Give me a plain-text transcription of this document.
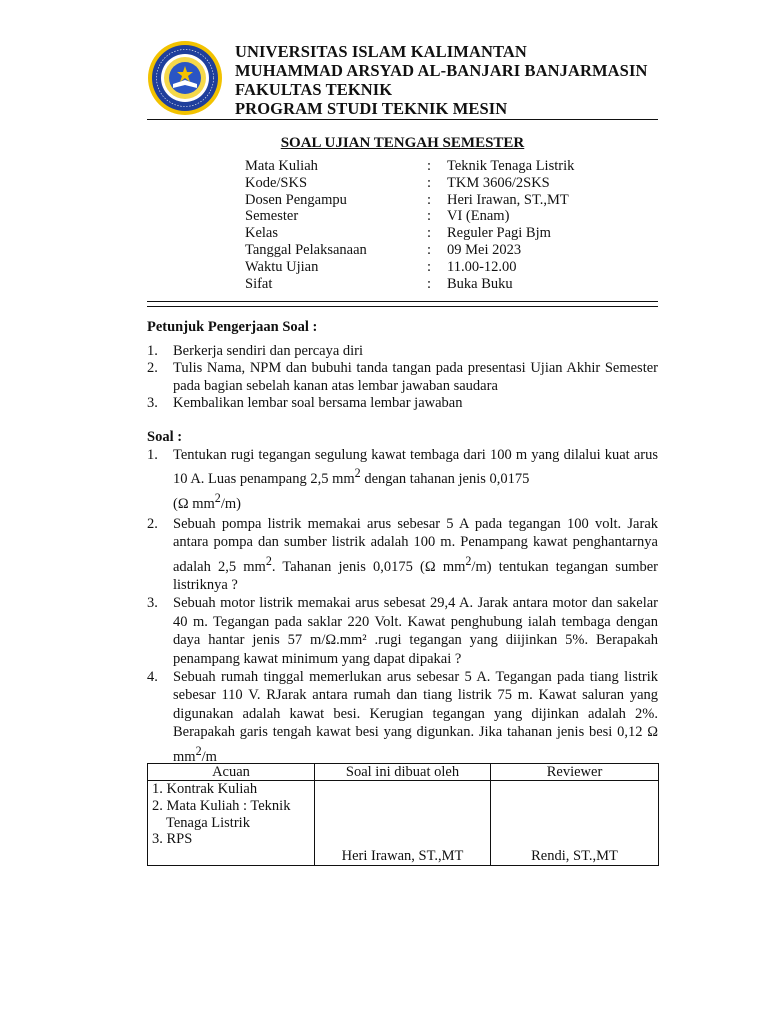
UNIVERSITAS ISLAM KALIMANTAN
MUHAMMAD ARSYAD AL-BANJARI BANJARMASIN
FAKULTAS TEKNIK
PROGRAM STUDI TEKNIK MESIN
SOAL UJIAN TENGAH SEMESTER
Mata Kuliah	:	Teknik Tenaga Listrik
Kode/SKS	:	TKM 3606/2SKS
Dosen Pengampu	:	Heri Irawan, ST.,MT
Semester	:	VI (Enam)
Kelas	:	Reguler Pagi Bjm
Tanggal Pelaksanaan	:	09 Mei 2023
Waktu Ujian	:	11.00-12.00
Sifat	:	Buka Buku
Petunjuk Pengerjaan Soal :
1.	Berkerja sendiri dan percaya diri
2.	Tulis Nama, NPM dan bubuhi tanda tangan pada presentasi Ujian Akhir Semester pada bagian sebelah kanan atas lembar jawaban saudara
3.	Kembalikan lembar soal bersama lembar jawaban
Soal :
1.	Tentukan rugi tegangan segulung kawat tembaga dari 100 m yang dilalui kuat arus 10 A. Luas penampang 2,5 $mm^2$ dengan tahanan jenis 0,0175
(Ω $mm^2/m$)
2.	Sebuah pompa listrik memakai arus sebesar 5 A pada tegangan 100 volt. Jarak antara pompa dan sumber listrik adalah 100 m. Penampang kawat penghantarnya adalah 2,5 $mm^2$. Tahanan jenis 0,0175 (Ω $mm^2/m$) tentukan tegangan sumber listriknya ?
3.	Sebuah motor listrik memakai arus sebesat 29,4 A. Jarak antara motor dan sakelar 40 m. Tegangan pada saklar 220 Volt. Kawat penghubung ialah tembaga dengan daya hantar jenis 57 m/Ω.mm² .rugi tegangan yang diijinkan 5%. Berapakah penampang kawat minimum yang dapat dipakai ?
4.	Sebuah rumah tinggal memerlukan arus sebesar 5 A. Tegangan pada tiang listrik sebesar 110 V. RJarak antara rumah dan tiang listrik 75 m. Kawat saluran yang digunakan adalah kawat besi. Kerugian tegangan yang dijinkan adalah 2%. Berapakah garis tengah kawat besi yang digunkan. Jika tahanan jenis besi 0,12 Ω $mm^2/m$
Acuan	Soal ini dibuat oleh	Reviewer

1. Kontrak Kuliah
2. Mata Kuliah : Teknik
Tenaga Listrik
3. RPS	Heri Irawan, ST.,MT	Rendi, ST.,MT
